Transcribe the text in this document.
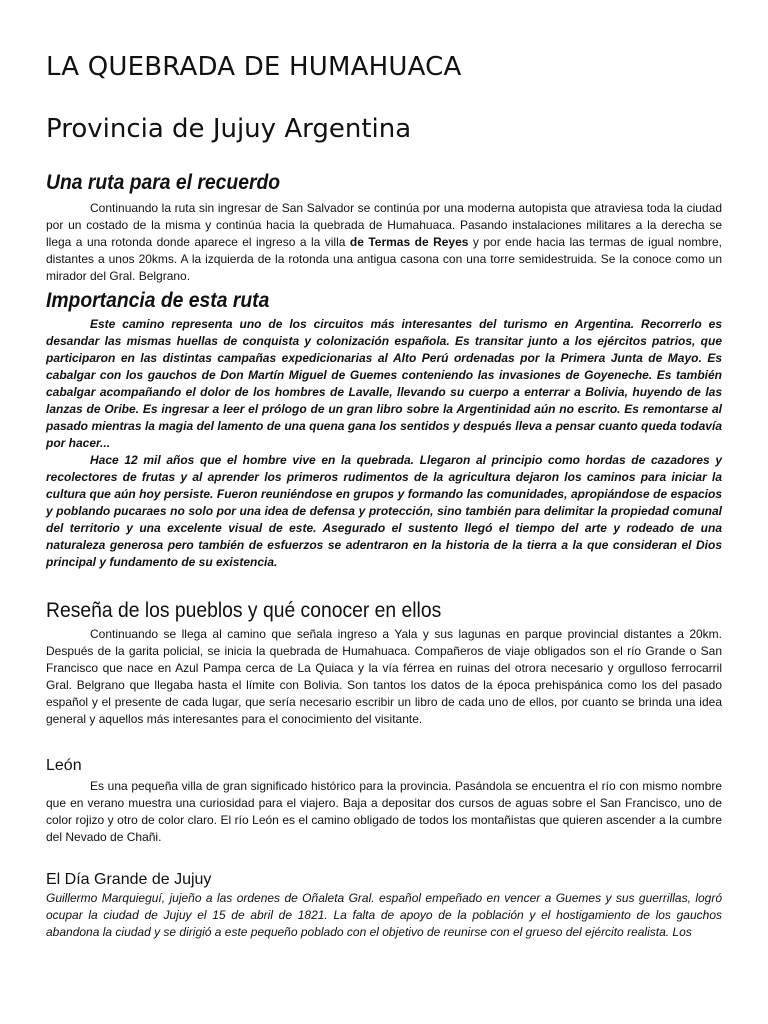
LA QUEBRADA DE HUMAHUACA
Provincia de Jujuy Argentina
Una ruta para el recuerdo

Continuando la ruta sin ingresar de San Salvador se continúa por una moderna autopista que atraviesa toda la ciudad por un costado de la misma y continúa hacia la quebrada de Humahuaca. Pasando instalaciones militares a la derecha se llega a una rotonda donde aparece el ingreso a la villa de Termas de Reyes y por ende hacia las termas de igual nombre, distantes a unos 20kms. A la izquierda de la rotonda una antigua casona con una torre semidestruida. Se la conoce como un mirador del Gral. Belgrano.

Importancia de esta ruta

Este camino representa uno de los circuitos más interesantes del turismo en Argentina. Recorrerlo es desandar las mismas huellas de conquista y colonización española. Es transitar junto a los ejércitos patrios, que participaron en las distintas campañas expedicionarias al Alto Perú ordenadas por la Primera Junta de Mayo. Es cabalgar con los gauchos de Don Martín Miguel de Guemes conteniendo las invasiones de Goyeneche. Es también cabalgar acompañando el dolor de los hombres de Lavalle, llevando su cuerpo a enterrar a Bolivia, huyendo de las lanzas de Oribe. Es ingresar a leer el prólogo de un gran libro sobre la Argentinidad aún no escrito. Es remontarse al pasado mientras la magia del lamento de una quena gana los sentidos y después lleva a pensar cuanto queda todavía por hacer...

Hace 12 mil años que el hombre vive en la quebrada. Llegaron al principio como hordas de cazadores y recolectores de frutas y al aprender los primeros rudimentos de la agricultura dejaron los caminos para iniciar la cultura que aún hoy persiste. Fueron reuniéndose en grupos y formando las comunidades, apropiándose de espacios y poblando pucaraes no solo por una idea de defensa y protección, sino también para delimitar la propiedad comunal del territorio y una excelente visual de este. Asegurado el sustento llegó el tiempo del arte y rodeado de una naturaleza generosa pero también de esfuerzos se adentraron en la historia de la tierra a la que consideran el Dios principal y fundamento de su existencia.

Reseña de los pueblos y qué conocer en ellos

Continuando se llega al camino que señala ingreso a Yala y sus lagunas en parque provincial distantes a 20km. Después de la garita policial, se inicia la quebrada de Humahuaca. Compañeros de viaje obligados son el río Grande o San Francisco que nace en Azul Pampa cerca de La Quiaca y la vía férrea en ruinas del otrora necesario y orgulloso ferrocarril Gral. Belgrano que llegaba hasta el límite con Bolivia. Son tantos los datos de la época prehispánica como los del pasado español y el presente de cada lugar, que sería necesario escribir un libro de cada uno de ellos, por cuanto se brinda una idea general y aquellos más interesantes para el conocimiento del visitante.

León

Es una pequeña villa de gran significado histórico para la provincia. Pasándola se encuentra el río con mismo nombre que en verano muestra una curiosidad para el viajero. Baja a depositar dos cursos de aguas sobre el San Francisco, uno de color rojizo y otro de color claro. El río León es el camino obligado de todos los montañistas que quieren ascender a la cumbre del Nevado de Chañi.

El Día Grande de Jujuy

Guillermo Marquieguí, jujeño a las ordenes de Oñaleta Gral. español empeñado en vencer a Guemes y sus guerrillas, logró ocupar la ciudad de Jujuy el 15 de abril de 1821. La falta de apoyo de la población y el hostigamiento de los gauchos abandona la ciudad y se dirigió a este pequeño poblado con el objetivo de reunirse con el grueso del ejército realista. Los
